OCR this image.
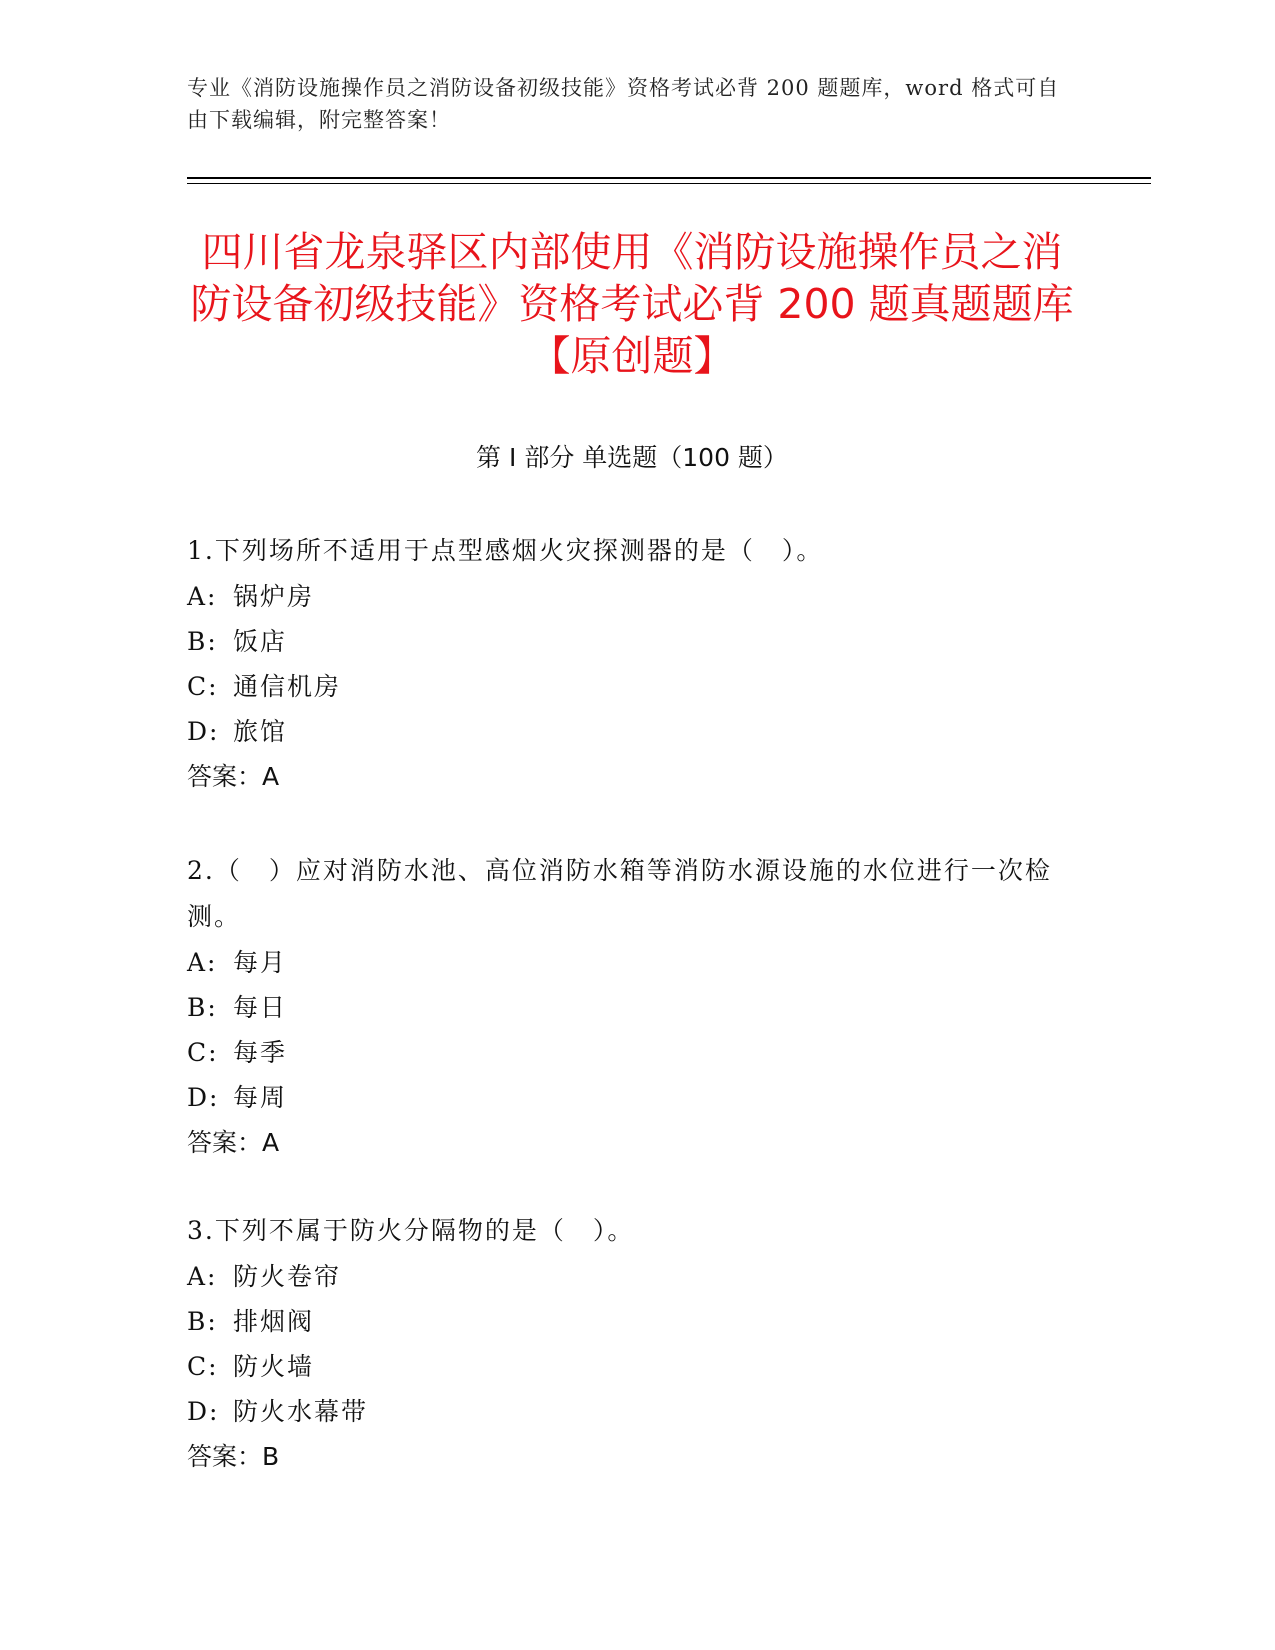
专业《消防设施操作员之消防设备初级技能》资格考试必背 200 题题库，word 格式可自由下载编辑，附完整答案！
四川省龙泉驿区内部使用《消防设施操作员之消防设备初级技能》资格考试必背 200 题真题题库【原创题】
第 I 部分 单选题（100 题）

1.下列场所不适用于点型感烟火灾探测器的是（　）。

A: 锅炉房
B: 饭店
C: 通信机房
D: 旅馆
答案：A

2.（　）应对消防水池、高位消防水箱等消防水源设施的水位进行一次检测。

A: 每月
B: 每日
C: 每季
D: 每周
答案：A

3.下列不属于防火分隔物的是（　）。

A: 防火卷帘
B: 排烟阀
C: 防火墙
D: 防火水幕带
答案：B
